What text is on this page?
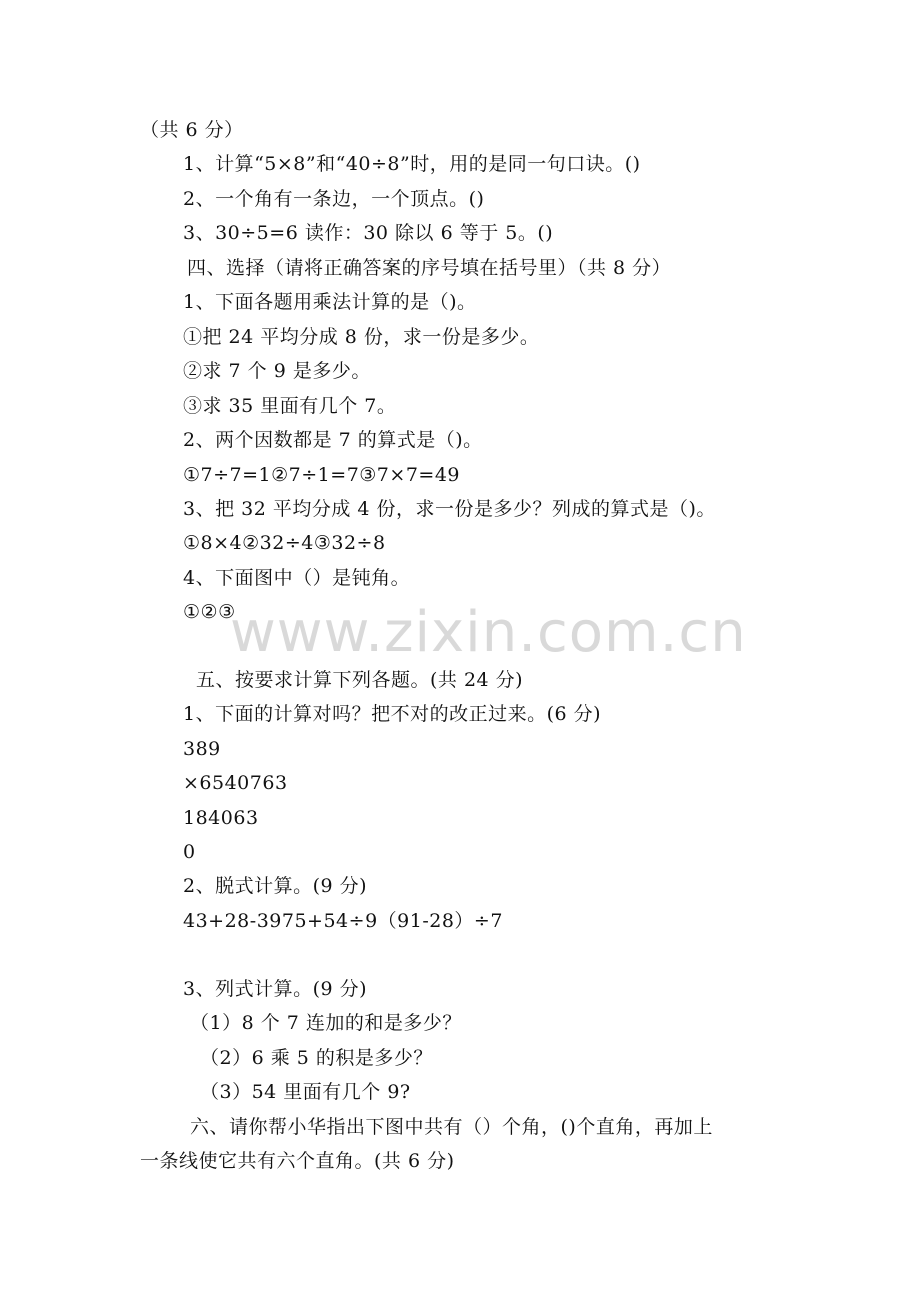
（共 6 分）
1、计算“5×8”和“40÷8”时，用的是同一句口诀。()
2、一个角有一条边，一个顶点。()
3、30÷5=6 读作：30 除以 6 等于 5。()
四、选择（请将正确答案的序号填在括号里）（共 8 分）
1、下面各题用乘法计算的是（)。
①把 24 平均分成 8 份，求一份是多少。
②求 7 个 9 是多少。
③求 35 里面有几个 7。
2、两个因数都是 7 的算式是（)。
①7÷7=1②7÷1=7③7×7=49
3、把 32 平均分成 4 份，求一份是多少？列成的算式是（)。
①8×4②32÷4③32÷8
4、下面图中（）是钝角。
①②③
五、按要求计算下列各题。(共 24 分)
1、下面的计算对吗？把不对的改正过来。(6 分)
389
×6540763
184063
0
2、脱式计算。(9 分)
43+28-3975+54÷9（91-28）÷7
3、列式计算。(9 分)
（1）8 个 7 连加的和是多少？
（2）6 乘 5 的积是多少？
（3）54 里面有几个 9?
六、请你帮小华指出下图中共有（）个角，()个直角，再加上
一条线使它共有六个直角。(共 6 分)
www.zixin.com.cn
